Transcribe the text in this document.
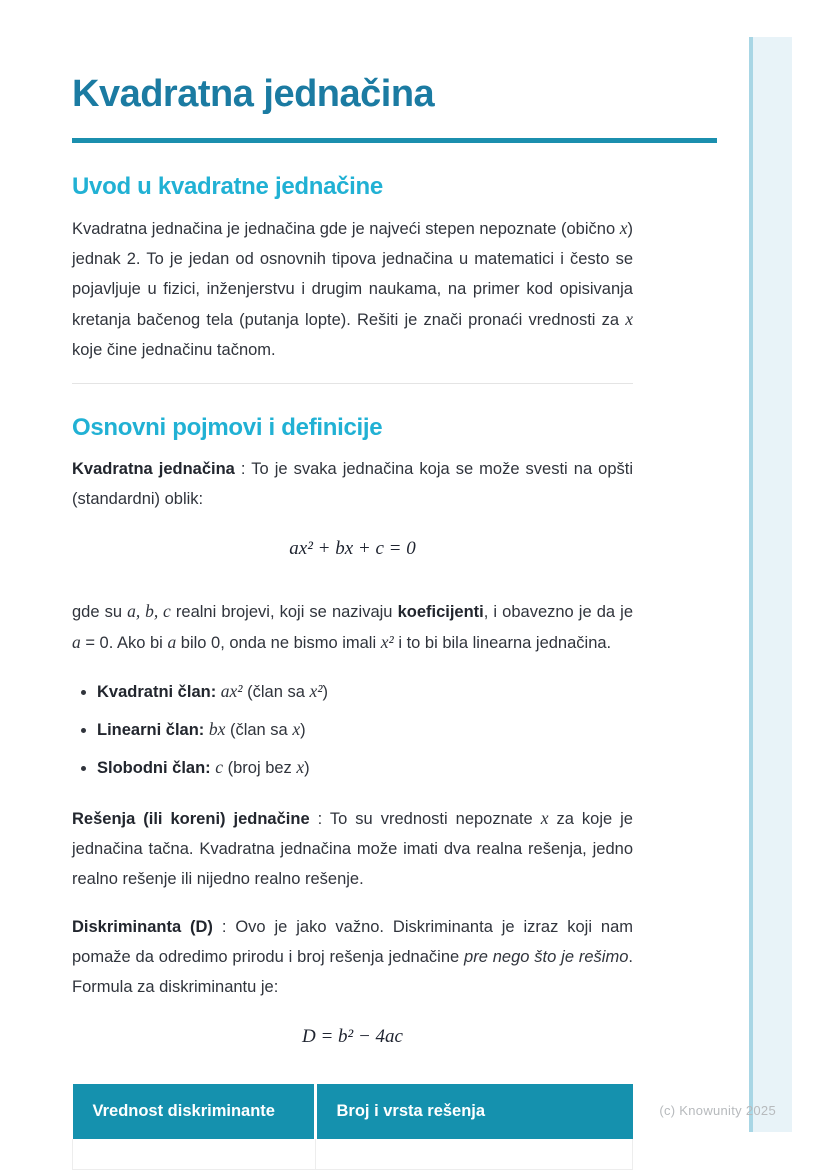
Kvadratna jednačina
Uvod u kvadratne jednačine

Kvadratna jednačina je jednačina gde je najveći stepen nepoznate (obično x) jednak 2. To je jedan od osnovnih tipova jednačina u matematici i često se pojavljuje u fizici, inženjerstvu i drugim naukama, na primer kod opisivanja kretanja bačenog tela (putanja lopte). Rešiti je znači pronaći vrednosti za x koje čine jednačinu tačnom.

Osnovni pojmovi i definicije

Kvadratna jednačina : To je svaka jednačina koja se može svesti na opšti (standardni) oblik:

ax² + bx + c = 0

gde su a, b, c realni brojevi, koji se nazivaju koeficijenti, i obavezno je da je a = 0. Ako bi a bilo 0, onda ne bismo imali x² i to bi bila linearna jednačina.

• Kvadratni član: ax² (član sa x²)
• Linearni član: bx (član sa x)
• Slobodni član: c (broj bez x)

Rešenja (ili koreni) jednačine : To su vrednosti nepoznate x za koje je jednačina tačna. Kvadratna jednačina može imati dva realna rešenja, jedno realno rešenje ili nijedno realno rešenje.

Diskriminanta (D) : Ovo je jako važno. Diskriminanta je izraz koji nam pomaže da odredimo prirodu i broj rešenja jednačine pre nego što je rešimo. Formula za diskriminantu je:

D = b² − 4ac
Vrednost diskriminante	Broj i vrsta rešenja
		(c) Knowunity 2025
